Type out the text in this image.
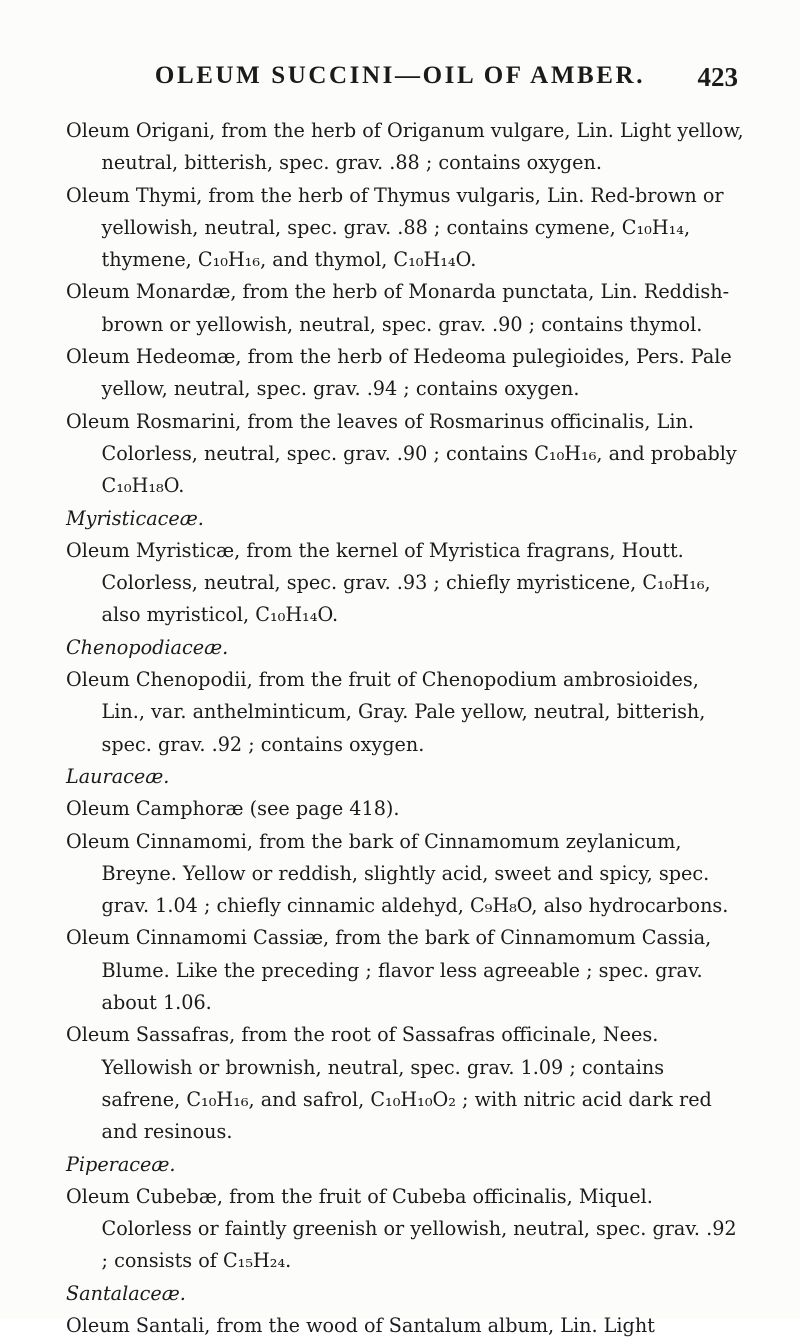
OLEUM SUCCINI—OIL OF AMBER.	423

Oleum Origani, from the herb of Origanum vulgare, Lin. Light yellow, neutral, bitterish, spec. grav. .88 ; contains oxygen.

Oleum Thymi, from the herb of Thymus vulgaris, Lin. Red-brown or yellowish, neutral, spec. grav. .88 ; contains cymene, C₁₀H₁₄, thymene, C₁₀H₁₆, and thymol, C₁₀H₁₄O.

Oleum Monardæ, from the herb of Monarda punctata, Lin. Reddish-brown or yellowish, neutral, spec. grav. .90 ; contains thymol.

Oleum Hedeomæ, from the herb of Hedeoma pulegioides, Pers. Pale yellow, neutral, spec. grav. .94 ; contains oxygen.

Oleum Rosmarini, from the leaves of Rosmarinus officinalis, Lin. Colorless, neutral, spec. grav. .90 ; contains C₁₀H₁₆, and probably C₁₀H₁₈O.

Myristicaceæ.

Oleum Myristicæ, from the kernel of Myristica fragrans, Houtt. Colorless, neutral, spec. grav. .93 ; chiefly myristicene, C₁₀H₁₆, also myristicol, C₁₀H₁₄O.

Chenopodiaceæ.

Oleum Chenopodii, from the fruit of Chenopodium ambrosioides, Lin., var. anthelminticum, Gray. Pale yellow, neutral, bitterish, spec. grav. .92 ; contains oxygen.

Lauraceæ.

Oleum Camphoræ (see page 418).

Oleum Cinnamomi, from the bark of Cinnamomum zeylanicum, Breyne. Yellow or reddish, slightly acid, sweet and spicy, spec. grav. 1.04 ; chiefly cinnamic aldehyd, C₉H₈O, also hydrocarbons.

Oleum Cinnamomi Cassiæ, from the bark of Cinnamomum Cassia, Blume. Like the preceding ; flavor less agreeable ; spec. grav. about 1.06.

Oleum Sassafras, from the root of Sassafras officinale, Nees. Yellowish or brownish, neutral, spec. grav. 1.09 ; contains safrene, C₁₀H₁₆, and safrol, C₁₀H₁₀O₂ ; with nitric acid dark red and resinous.

Piperaceæ.

Oleum Cubebæ, from the fruit of Cubeba officinalis, Miquel. Colorless or faintly greenish or yellowish, neutral, spec. grav. .92 ; consists of C₁₅H₂₄.

Santalaceæ.

Oleum Santali, from the wood of Santalum album, Lin. Light
